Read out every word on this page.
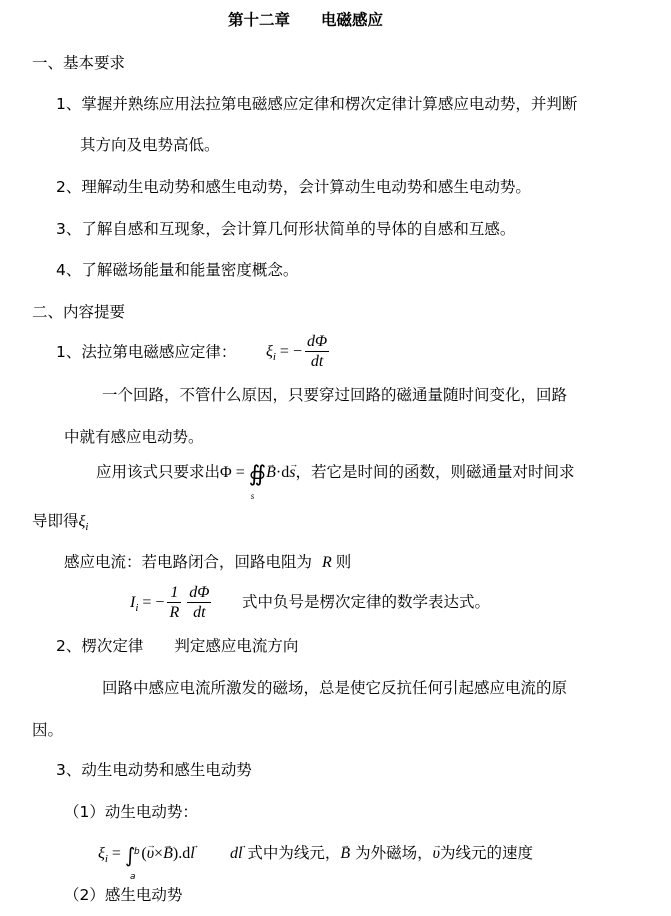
第十二章　　电磁感应
一、基本要求
1、掌握并熟练应用法拉第电磁感应定律和楞次定律计算感应电动势，并判断
其方向及电势高低。
2、理解动生电动势和感生电动势，会计算动生电动势和感生电动势。
3、了解自感和互现象，会计算几何形状简单的导体的自感和互感。
4、了解磁场能量和能量密度概念。
二、内容提要
1、法拉第电磁感应定律： $\xi_i$ = − $\frac{d\Phi}{dt}$
一个回路，不管什么原因，只要穿过回路的磁通量随时间变化，回路
中就有感应电动势。
应用该式只要求出Φ = ∯
s
→ B·d→ s，若它是时间的函数，则磁通量对时间求
导即得$\xi_i$
感应电流：若电路闭合，回路电阻为 R 则
$I_i$ = − $\frac{1}{R} \frac{d\Phi}{dt}$ 式中负号是楞次定律的数学表达式。
2、楞次定律　　判定感应电流方向
回路中感应电流所激发的磁场，总是使它反抗任何引起感应电流的原
因。
3、动生电动势和感生电动势
（1）动生电动势：
$\xi_i$ = ∫
b
a
(→ υ×→ B).d→ l d→ l 式中为线元，→ B 为外磁场，→ υ为线元的速度
（2）感生电动势
